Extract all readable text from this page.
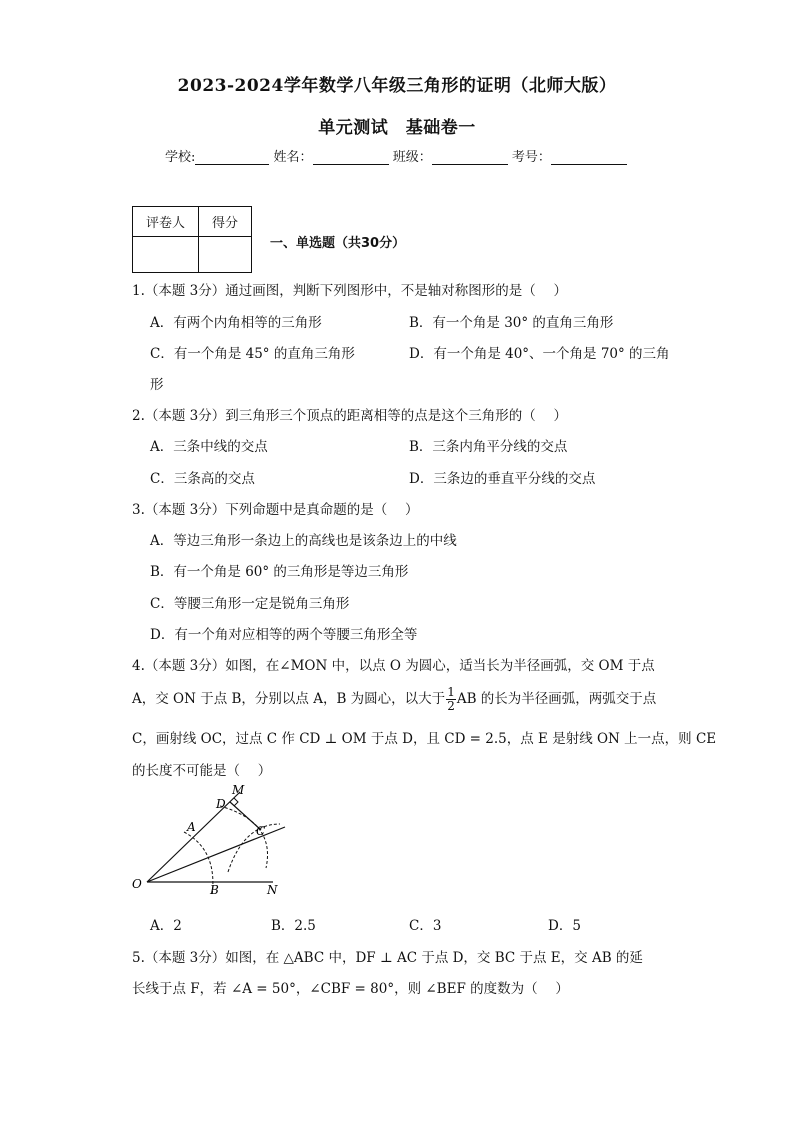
2023-2024学年数学八年级三角形的证明（北师大版）
单元测试　基础卷一
学校:	姓名：	班级：	考号：
评卷人	得分

一、单选题（共30分）
1.（本题 3分）通过画图，判断下列图形中，不是轴对称图形的是（　 ）
A．有两个内角相等的三角形	B．有一个角是 30° 的直角三角形
C．有一个角是 45° 的直角三角形	D．有一个角是 40°、一个角是 70° 的三角
形
2.（本题 3分）到三角形三个顶点的距离相等的点是这个三角形的（　 ）
A．三条中线的交点	B．三条内角平分线的交点
C．三条高的交点	D．三条边的垂直平分线的交点
3.（本题 3分）下列命题中是真命题的是（　 ）
A．等边三角形一条边上的高线也是该条边上的中线
B．有一个角是 60° 的三角形是等边三角形
C．等腰三角形一定是锐角三角形
D．有一个角对应相等的两个等腰三角形全等
4.（本题 3分）如图，在∠MON 中，以点 O 为圆心，适当长为半径画弧，交 OM 于点
A，交 ON 于点 B，分别以点 A，B 为圆心，以大于 $\frac{1}{2}$ AB 的长为半径画弧，两弧交于点
C，画射线 OC，过点 C 作 CD ⊥ OM 于点 D，且 CD = 2.5，点 E 是射线 ON 上一点，则 CE
的长度不可能是（　 ）
M
D
A	C
O	B	N
A．2	B．2.5	C．3	D．5
5.（本题 3分）如图，在 △ABC 中，DF ⊥ AC 于点 D，交 BC 于点 E，交 AB 的延
长线于点 F，若 ∠A = 50°，∠CBF = 80°，则 ∠BEF 的度数为（　 ）
